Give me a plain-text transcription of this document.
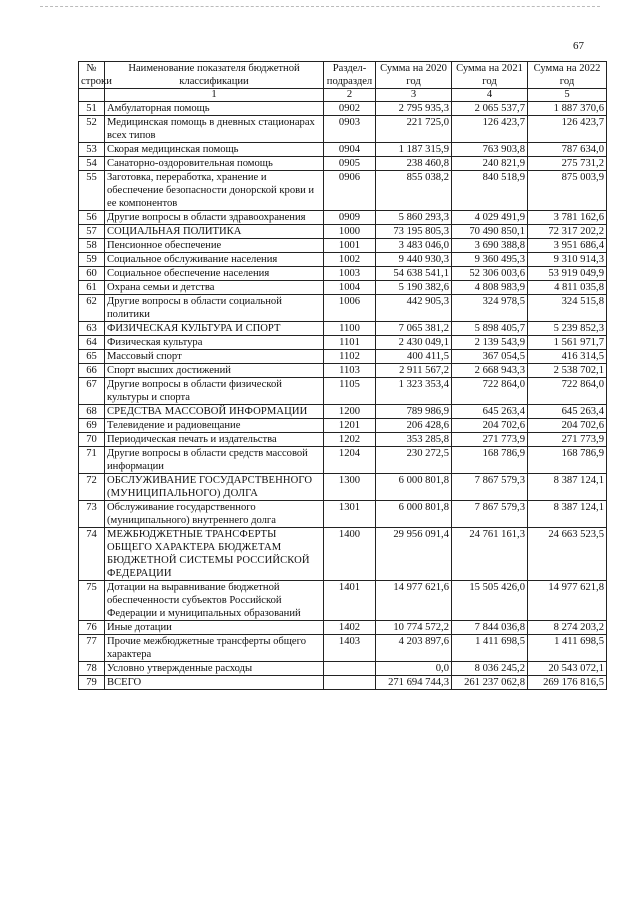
67
№ строки	Наименование показателя бюджетной классификации	Раздел-подраздел	Сумма на 2020 год	Сумма на 2021 год	Сумма на 2022 год
	1	2	3	4	5
51	Амбулаторная помощь	0902	2 795 935,3	2 065 537,7	1 887 370,6
52	Медицинская помощь в дневных стационарах всех типов	0903	221 725,0	126 423,7	126 423,7
53	Скорая медицинская помощь	0904	1 187 315,9	763 903,8	787 634,0
54	Санаторно-оздоровительная помощь	0905	238 460,8	240 821,9	275 731,2
55	Заготовка, переработка, хранение и обеспечение безопасности донорской крови и ее компонентов	0906	855 038,2	840 518,9	875 003,9
56	Другие вопросы в области здравоохранения	0909	5 860 293,3	4 029 491,9	3 781 162,6
57	СОЦИАЛЬНАЯ ПОЛИТИКА	1000	73 195 805,3	70 490 850,1	72 317 202,2
58	Пенсионное обеспечение	1001	3 483 046,0	3 690 388,8	3 951 686,4
59	Социальное обслуживание населения	1002	9 440 930,3	9 360 495,3	9 310 914,3
60	Социальное обеспечение населения	1003	54 638 541,1	52 306 003,6	53 919 049,9
61	Охрана семьи и детства	1004	5 190 382,6	4 808 983,9	4 811 035,8
62	Другие вопросы в области социальной политики	1006	442 905,3	324 978,5	324 515,8
63	ФИЗИЧЕСКАЯ КУЛЬТУРА И СПОРТ	1100	7 065 381,2	5 898 405,7	5 239 852,3
64	Физическая культура	1101	2 430 049,1	2 139 543,9	1 561 971,7
65	Массовый спорт	1102	400 411,5	367 054,5	416 314,5
66	Спорт высших достижений	1103	2 911 567,2	2 668 943,3	2 538 702,1
67	Другие вопросы в области физической культуры и спорта	1105	1 323 353,4	722 864,0	722 864,0
68	СРЕДСТВА МАССОВОЙ ИНФОРМАЦИИ	1200	789 986,9	645 263,4	645 263,4
69	Телевидение и радиовещание	1201	206 428,6	204 702,6	204 702,6
70	Периодическая печать и издательства	1202	353 285,8	271 773,9	271 773,9
71	Другие вопросы в области средств массовой информации	1204	230 272,5	168 786,9	168 786,9
72	ОБСЛУЖИВАНИЕ ГОСУДАРСТВЕННОГО (МУНИЦИПАЛЬНОГО) ДОЛГА	1300	6 000 801,8	7 867 579,3	8 387 124,1
73	Обслуживание государственного (муниципального) внутреннего долга	1301	6 000 801,8	7 867 579,3	8 387 124,1
74	МЕЖБЮДЖЕТНЫЕ ТРАНСФЕРТЫ ОБЩЕГО ХАРАКТЕРА БЮДЖЕТАМ БЮДЖЕТНОЙ СИСТЕМЫ РОССИЙСКОЙ ФЕДЕРАЦИИ	1400	29 956 091,4	24 761 161,3	24 663 523,5
75	Дотации на выравнивание бюджетной обеспеченности субъектов Российской Федерации и муниципальных образований	1401	14 977 621,6	15 505 426,0	14 977 621,8
76	Иные дотации	1402	10 774 572,2	7 844 036,8	8 274 203,2
77	Прочие межбюджетные трансферты общего характера	1403	4 203 897,6	1 411 698,5	1 411 698,5
78	Условно утвержденные расходы		0,0	8 036 245,2	20 543 072,1
79	ВСЕГО		271 694 744,3	261 237 062,8	269 176 816,5
